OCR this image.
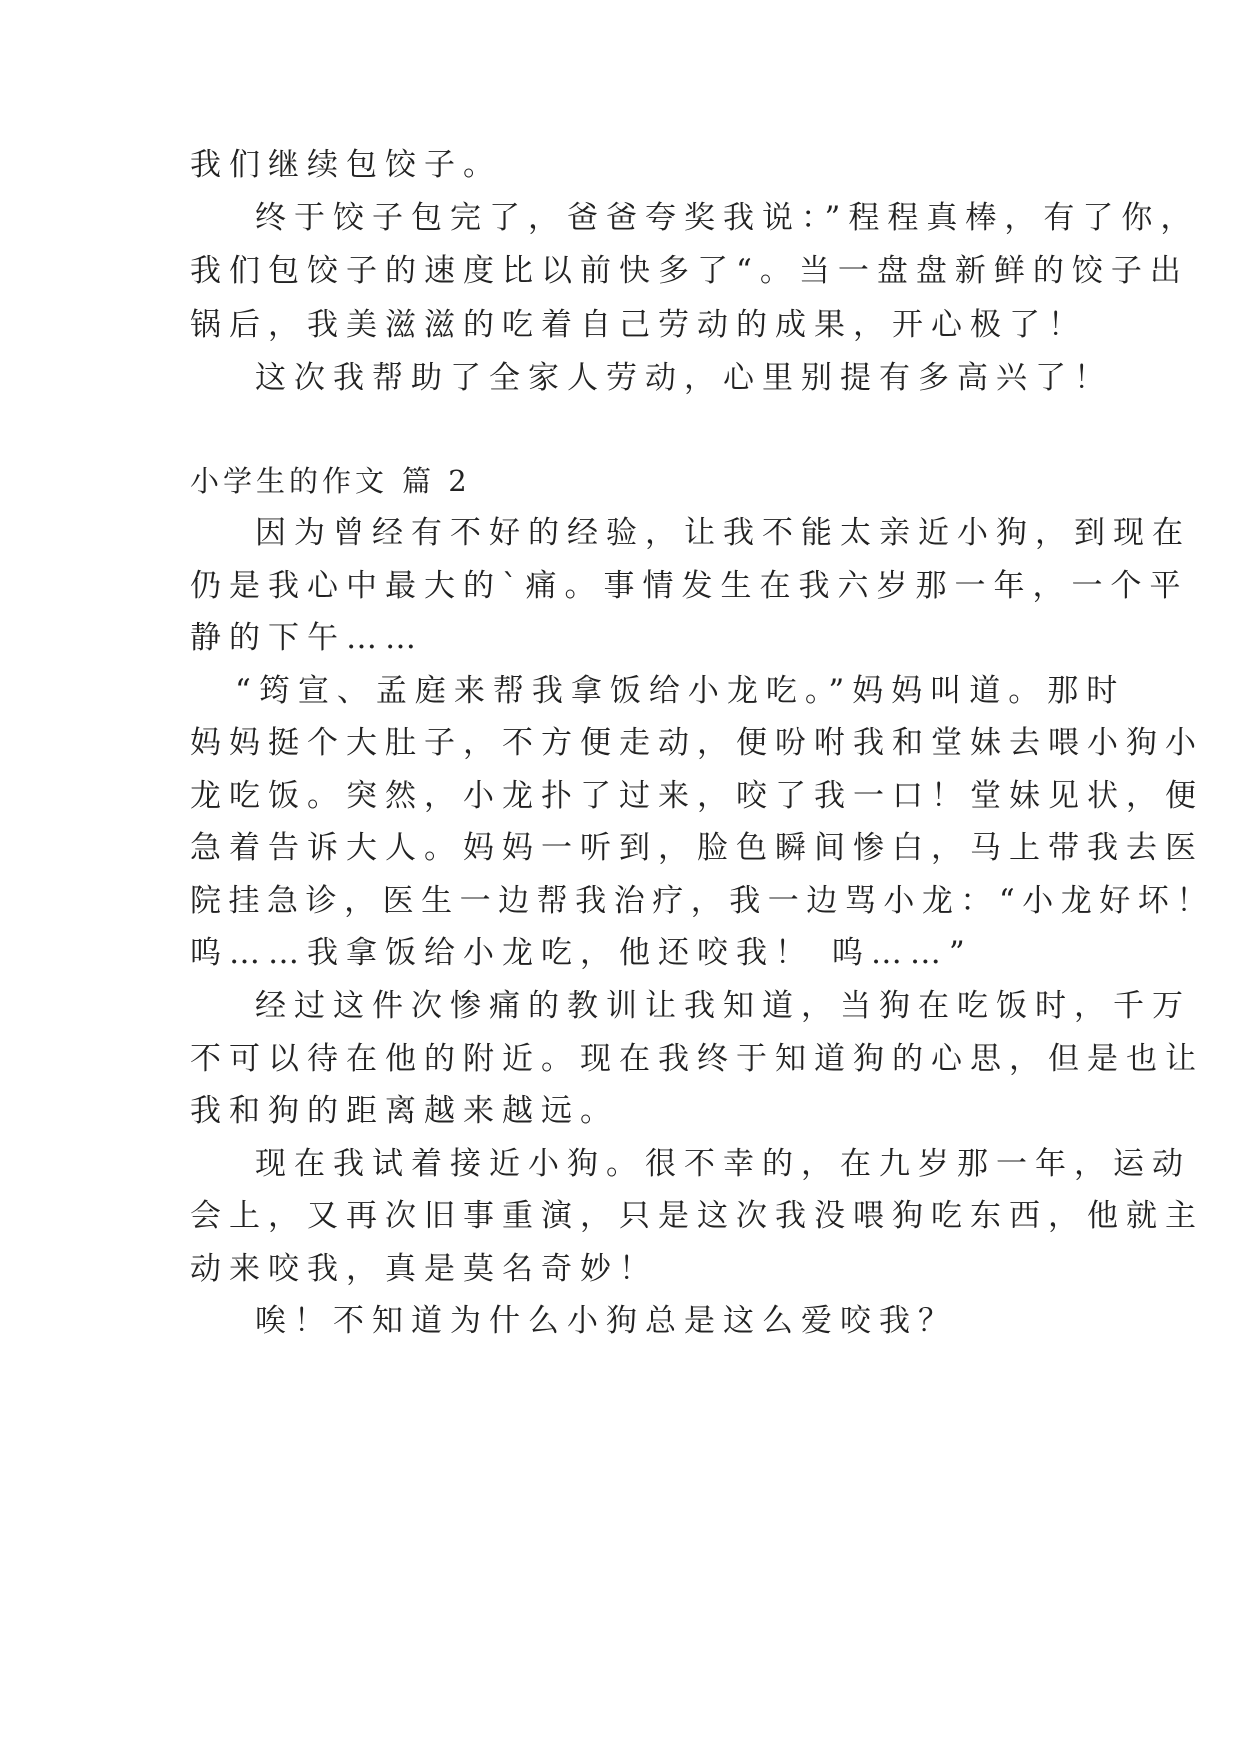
我们继续包饺子。
终于饺子包完了，爸爸夸奖我说：”程程真棒，有了你，
我们包饺子的速度比以前快多了“。当一盘盘新鲜的饺子出
锅后，我美滋滋的吃着自己劳动的成果，开心极了！
这次我帮助了全家人劳动，心里别提有多高兴了！
小学生的作文 篇 2
因为曾经有不好的经验，让我不能太亲近小狗，到现在
仍是我心中最大的`痛。事情发生在我六岁那一年，一个平
静的下午……
“筠宣、孟庭来帮我拿饭给小龙吃。”妈妈叫道。那时
妈妈挺个大肚子，不方便走动，便吩咐我和堂妹去喂小狗小
龙吃饭。突然，小龙扑了过来，咬了我一口！堂妹见状，便
急着告诉大人。妈妈一听到，脸色瞬间惨白，马上带我去医
院挂急诊，医生一边帮我治疗，我一边骂小龙：“小龙好坏！
呜……我拿饭给小龙吃，他还咬我！ 呜……”
经过这件次惨痛的教训让我知道，当狗在吃饭时，千万
不可以待在他的附近。现在我终于知道狗的心思，但是也让
我和狗的距离越来越远。
现在我试着接近小狗。很不幸的，在九岁那一年，运动
会上，又再次旧事重演，只是这次我没喂狗吃东西，他就主
动来咬我，真是莫名奇妙！
唉！不知道为什么小狗总是这么爱咬我？
